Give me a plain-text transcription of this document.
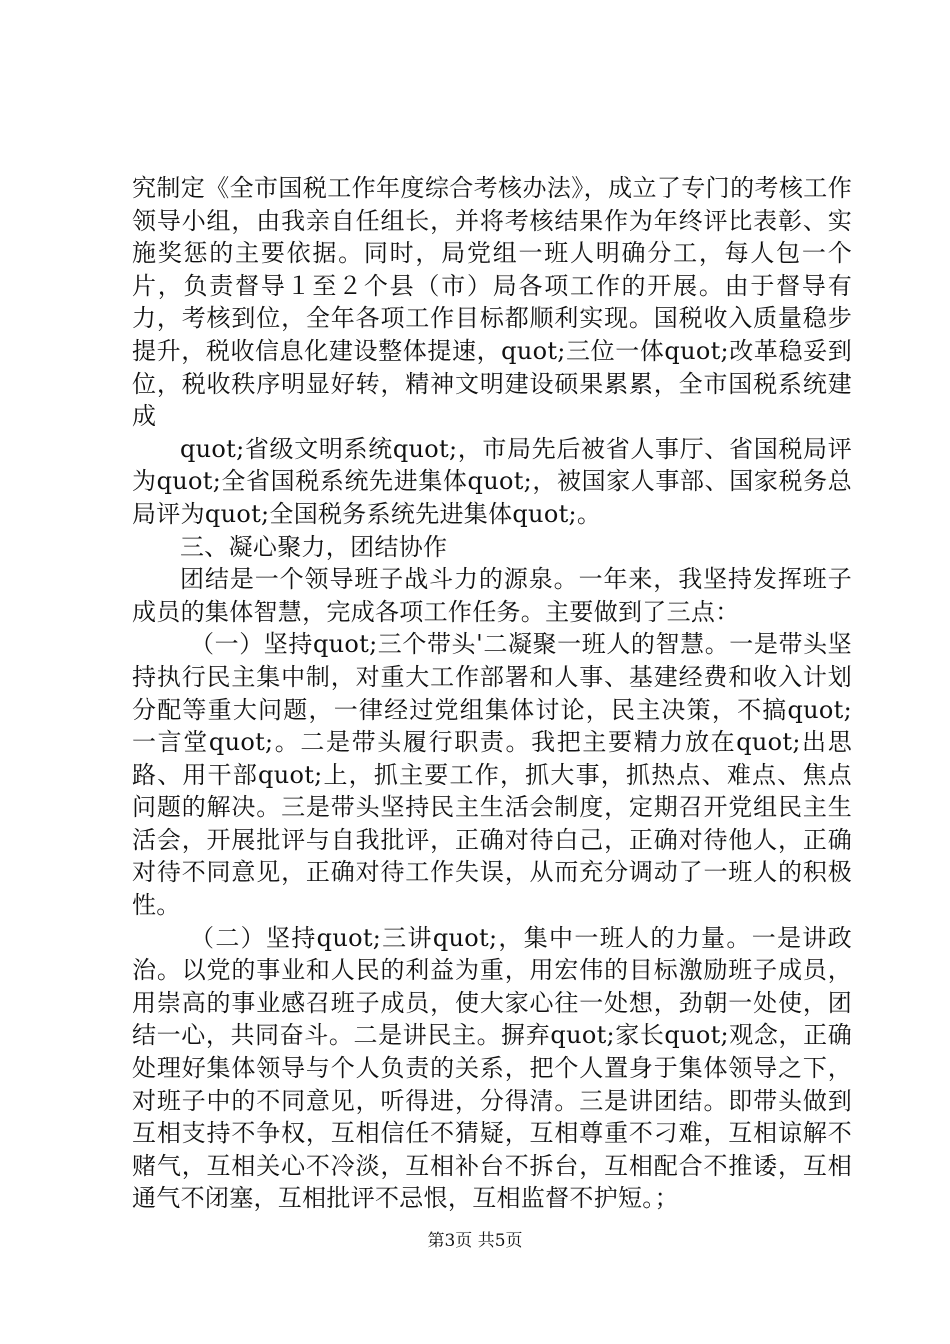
究制定《全市国税工作年度综合考核办法》，成立了专门的考核工作领导小组，由我亲自任组长，并将考核结果作为年终评比表彰、实施奖惩的主要依据。同时，局党组一班人明确分工，每人包一个片，负责督导１至２个县（市）局各项工作的开展。由于督导有力，考核到位，全年各项工作目标都顺利实现。国税收入质量稳步提升，税收信息化建设整体提速，quot;三位一体quot;改革稳妥到位，税收秩序明显好转，精神文明建设硕果累累，全市国税系统建成

quot;省级文明系统quot;，市局先后被省人事厅、省国税局评为quot;全省国税系统先进集体quot;，被国家人事部、国家税务总局评为quot;全国税务系统先进集体quot;。

三、凝心聚力，团结协作

团结是一个领导班子战斗力的源泉。一年来，我坚持发挥班子成员的集体智慧，完成各项工作任务。主要做到了三点：

（一）坚持quot;三个带头'二凝聚一班人的智慧。一是带头坚持执行民主集中制，对重大工作部署和人事、基建经费和收入计划分配等重大问题，一律经过党组集体讨论，民主决策，不搞quot;一言堂quot;。二是带头履行职责。我把主要精力放在quot;出思路、用干部quot;上，抓主要工作，抓大事，抓热点、难点、焦点问题的解决。三是带头坚持民主生活会制度，定期召开党组民主生活会，开展批评与自我批评，正确对待白己，正确对待他人，正确对待不同意见，正确对待工作失误，从而充分调动了一班人的积极性。

（二）坚持quot;三讲quot;，集中一班人的力量。一是讲政治。以党的事业和人民的利益为重，用宏伟的目标激励班子成员，用崇高的事业感召班子成员，使大家心往一处想，劲朝一处使，团结一心，共同奋斗。二是讲民主。摒弃quot;家长quot;观念，正确处理好集体领导与个人负责的关系，把个人置身于集体领导之下，对班子中的不同意见，听得进，分得清。三是讲团结。即带头做到互相支持不争权，互相信任不猜疑，互相尊重不刁难，互相谅解不赌气，互相关心不冷淡，互相补台不拆台，互相配合不推诿，互相通气不闭塞，互相批评不忌恨，互相监督不护短。；

第3页 共5页
